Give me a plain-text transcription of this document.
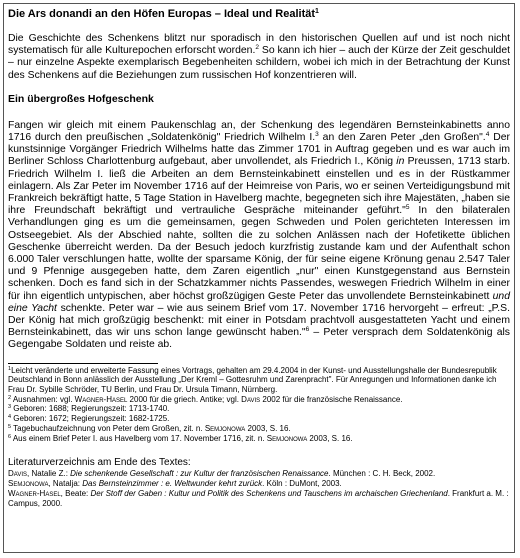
Die Ars donandi an den Höfen Europas – Ideal und Realität$^1$

Die Geschichte des Schenkens blitzt nur sporadisch in den historischen Quellen auf und ist noch nicht systematisch für alle Kulturepochen erforscht worden.$^2$ So kann ich hier – auch der Kürze der Zeit geschuldet – nur einzelne Aspekte exemplarisch Begebenheiten schildern, wobei ich mich in der Betrachtung der Kunst des Schenkens auf die Beziehungen zum russischen Hof konzentrieren will.

Ein übergroßes Hofgeschenk

Fangen wir gleich mit einem Paukenschlag an, der Schenkung des legendären Bernsteinkabinetts anno 1716 durch den preußischen „Soldatenkönig" Friedrich Wilhelm I.$^3$ an den Zaren Peter „den Großen".$^4$ Der kunstsinnige Vorgänger Friedrich Wilhelms hatte das Zimmer 1701 in Auftrag gegeben und es war auch im Berliner Schloss Charlottenburg aufgebaut, aber unvollendet, als Friedrich I., König in Preussen, 1713 starb. Friedrich Wilhelm I. ließ die Arbeiten an dem Bernsteinkabinett einstellen und es in der Rüstkammer einlagern. Als Zar Peter im November 1716 auf der Heimreise von Paris, wo er seinen Verteidigungsbund mit Frankreich bekräftigt hatte, 5 Tage Station in Havelberg machte, begegneten sich ihre Majestäten, „haben sie ihre Freundschaft bekräftigt und vertrauliche Gespräche miteinander geführt."$^5$ In den bilateralen Verhandlungen ging es um die gemeinsamen, gegen Schweden und Polen gerichteten Interessen im Ostseegebiet. Als der Abschied nahte, sollten die zu solchen Anlässen nach der Hofetikette üblichen Geschenke überreicht werden. Da der Besuch jedoch kurzfristig zustande kam und der Aufenthalt schon 6.000 Taler verschlungen hatte, wollte der sparsame König, der für seine eigene Krönung genau 2.547 Taler und 9 Pfennige ausgegeben hatte, dem Zaren eigentlich „nur" einen Kunstgegenstand aus Bernstein schenken. Doch es fand sich in der Schatzkammer nichts Passendes, weswegen Friedrich Wilhelm in einer für ihn eigentlich untypischen, aber höchst großzügigen Geste Peter das unvollendete Bernsteinkabinett und eine Yacht schenkte. Peter war – wie aus seinem Brief vom 17. November 1716 hervorgeht – erfreut: „P.S. Der König hat mich großzügig beschenkt: mit einer in Potsdam prachtvoll ausgestatteten Yacht und einem Bernsteinkabinett, das wir uns schon lange gewünscht haben."$^6$ – Peter versprach dem Soldatenkönig als Gegengabe Soldaten und reiste ab.

$^1$Leicht veränderte und erweiterte Fassung eines Vortrags, gehalten am 29.4.2004 in der Kunst- und Ausstellungshalle der Bundesrepublik Deutschland in Bonn anlässlich der Ausstellung „Der Kreml – Gottesruhm und Zarenpracht". Für Anregungen und Informationen danke ich Frau Dr. Sybille Schröder, TU Berlin, und Frau Dr. Ursula Timann, Nürnberg.

$^2$ Ausnahmen: vgl. Wagner-Hasel 2000 für die griech. Antike; vgl. Davis 2002 für die französische Renaissance.

$^3$ Geboren: 1688; Regierungszeit: 1713-1740.

$^4$ Geboren: 1672; Regierungszeit: 1682-1725.

$^5$ Tagebuchaufzeichnung von Peter dem Großen, zit. n. Semjonowa 2003, S. 16.

$^6$ Aus einem Brief Peter I. aus Havelberg vom 17. November 1716, zit. n. Semjonowa 2003, S. 16.

Literaturverzeichnis am Ende des Textes:

Davis, Natalie Z.: Die schenkende Gesellschaft : zur Kultur der französischen Renaissance. München : C. H. Beck, 2002.

Semjonowa, Natalja: Das Bernsteinzimmer : e. Weltwunder kehrt zurück. Köln : DuMont, 2003.

Wagner-Hasel, Beate: Der Stoff der Gaben : Kultur und Politik des Schenkens und Tauschens im archaischen Griechenland. Frankfurt a. M. : Campus, 2000.
